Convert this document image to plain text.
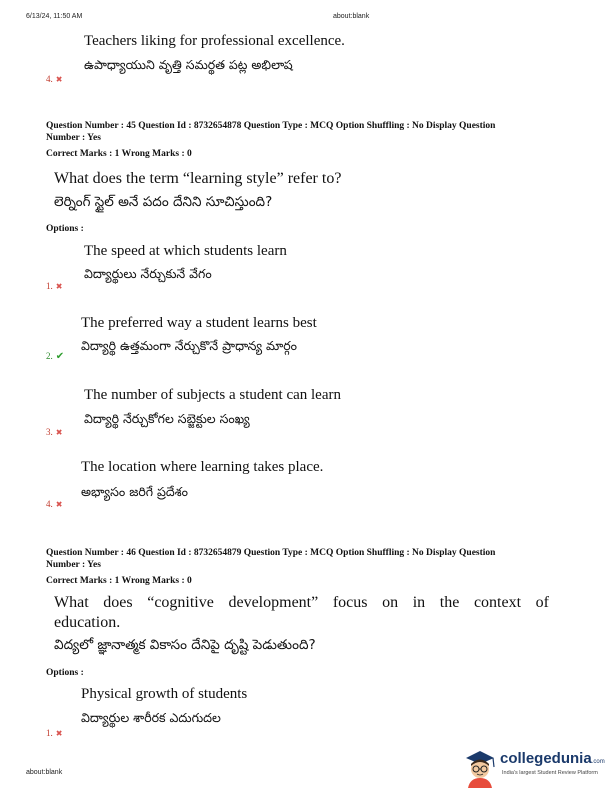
6/13/24, 11:50 AM	about:blank
Teachers liking for professional excellence.
ఉపాధ్యాయుని వృత్తి సమర్థత పట్ల అభిలాష
4. ✖
Question Number : 45 Question Id : 8732654878 Question Type : MCQ Option Shuffling : No Display Question
Number : Yes
Correct Marks : 1 Wrong Marks : 0
What does the term “learning style” refer to?
లెర్నింగ్ స్టైల్ అనే పదం దేనిని సూచిస్తుంది?
Options :
The speed at which students learn
విద్యార్థులు నేర్చుకునే వేగం
1. ✖
The preferred way a student learns best
విద్యార్థి ఉత్తమంగా నేర్చుకొనే ప్రాధాన్య మార్గం
2. ✔
The number of subjects a student can learn
విద్యార్థి నేర్చుకోగల సబ్జెక్టుల సంఖ్య
3. ✖
The location where learning takes place.
అభ్యాసం జరిగే ప్రదేశం
4. ✖
Question Number : 46 Question Id : 8732654879 Question Type : MCQ Option Shuffling : No Display Question
Number : Yes
Correct Marks : 1 Wrong Marks : 0
What does “cognitive development” focus on in the context of
education.
విద్యలో జ్ఞానాత్మక వికాసం దేనిపై దృష్టి పెడుతుంది?
Options :
Physical growth of students
విద్యార్థుల శారీరక ఎదుగుదల
1. ✖
about:blank
collegedunia.com
India's largest Student Review Platform
